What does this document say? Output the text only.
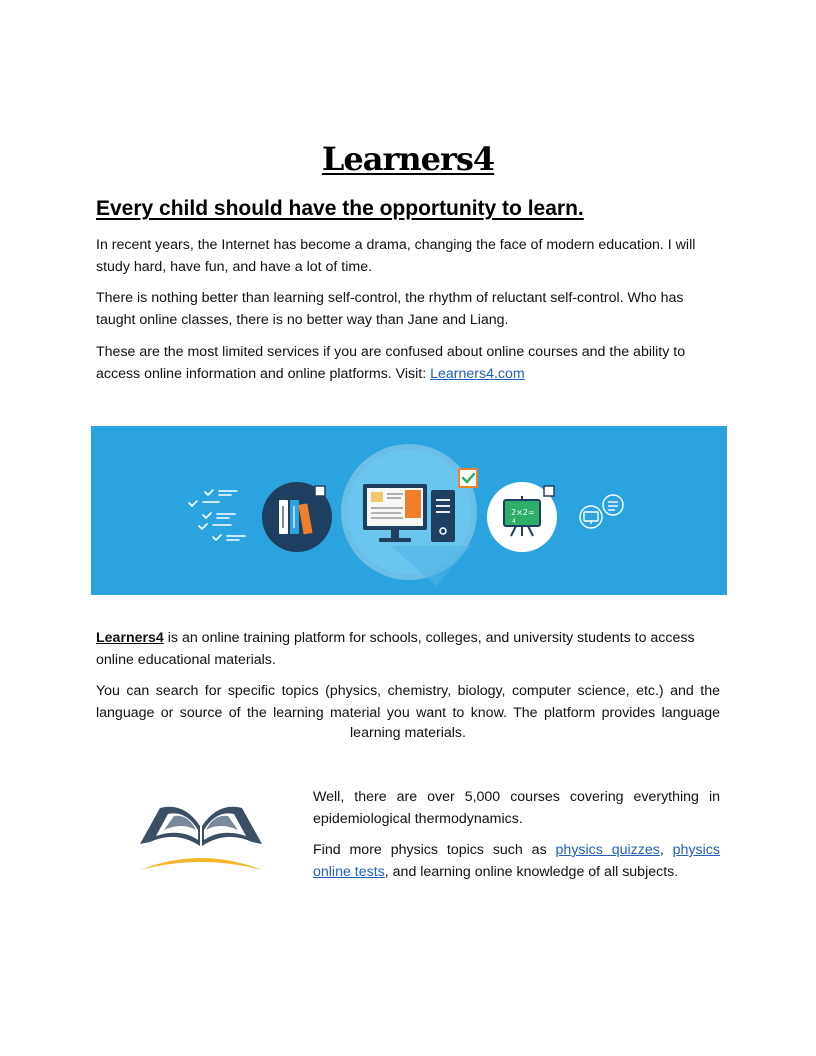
Learners4
Every child should have the opportunity to learn.

In recent years, the Internet has become a drama, changing the face of modern education. I will study hard, have fun, and have a lot of time.

There is nothing better than learning self-control, the rhythm of reluctant self-control. Who has taught online classes, there is no better way than Jane and Liang.

These are the most limited services if you are confused about online courses and the ability to access online information and online platforms. Visit: Learners4.com

2×2=
4

Learners4 is an online training platform for schools, colleges, and university students to access online educational materials.

You can search for specific topics (physics, chemistry, biology, computer science, etc.) and the language or source of the learning material you want to know. The platform provides language

learning materials.

Well, there are over 5,000 courses covering everything in epidemiological thermodynamics.

Find more physics topics such as physics quizzes, physics online tests, and learning online knowledge of all subjects.
